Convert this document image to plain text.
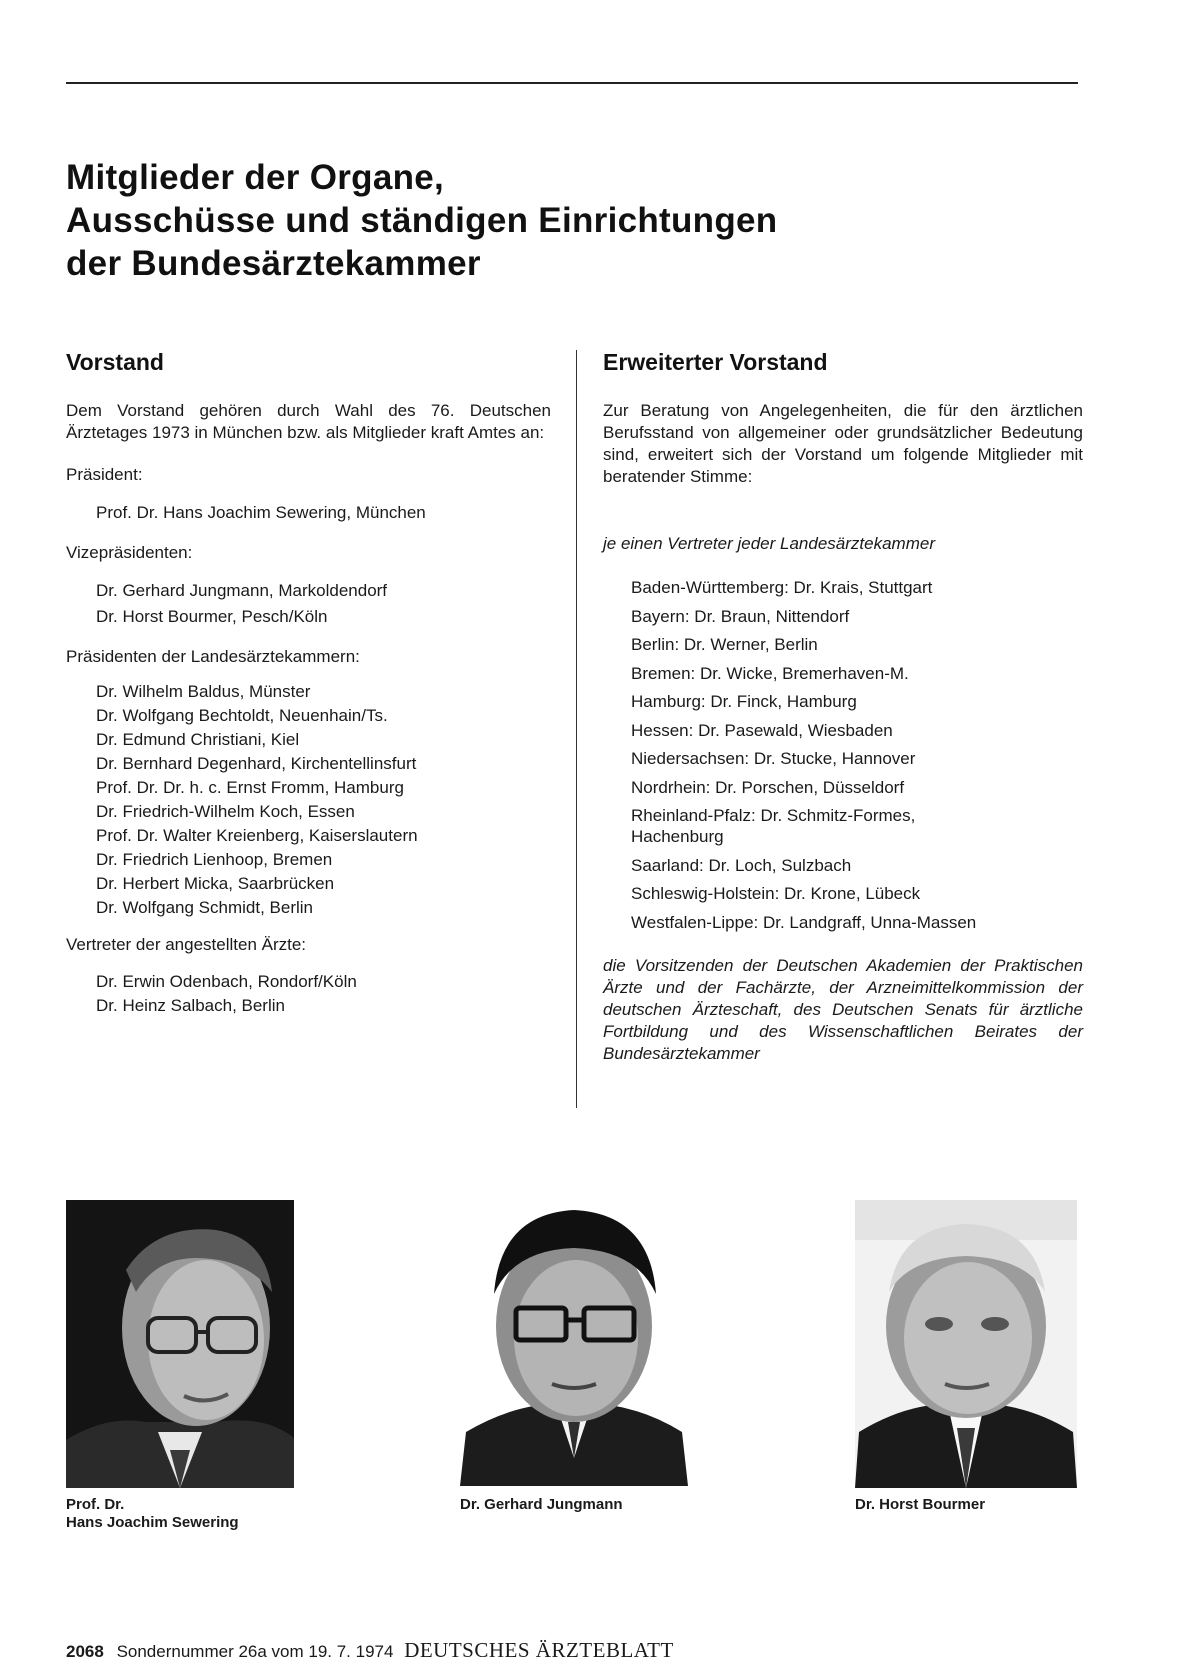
Mitglieder der Organe,
Ausschüsse und ständigen Einrichtungen
der Bundesärztekammer
Vorstand

Dem Vorstand gehören durch Wahl des 76. Deutschen Ärztetages 1973 in München bzw. als Mitglieder kraft Amtes an:

Präsident:

Prof. Dr. Hans Joachim Sewering, München

Vizepräsidenten:

Dr. Gerhard Jungmann, Markoldendorf
Dr. Horst Bourmer, Pesch/Köln

Präsidenten der Landesärztekammern:

Dr. Wilhelm Baldus, Münster
Dr. Wolfgang Bechtoldt, Neuenhain/Ts.
Dr. Edmund Christiani, Kiel
Dr. Bernhard Degenhard, Kirchentellinsfurt
Prof. Dr. Dr. h. c. Ernst Fromm, Hamburg
Dr. Friedrich-Wilhelm Koch, Essen
Prof. Dr. Walter Kreienberg, Kaiserslautern
Dr. Friedrich Lienhoop, Bremen
Dr. Herbert Micka, Saarbrücken
Dr. Wolfgang Schmidt, Berlin

Vertreter der angestellten Ärzte:

Dr. Erwin Odenbach, Rondorf/Köln
Dr. Heinz Salbach, Berlin
Erweiterter Vorstand

Zur Beratung von Angelegenheiten, die für den ärztlichen Berufsstand von allgemeiner oder grundsätzlicher Bedeutung sind, erweitert sich der Vorstand um folgende Mitglieder mit beratender Stimme:

je einen Vertreter jeder Landesärztekammer

Baden-Württemberg: Dr. Krais, Stuttgart
Bayern: Dr. Braun, Nittendorf
Berlin: Dr. Werner, Berlin
Bremen: Dr. Wicke, Bremerhaven-M.
Hamburg: Dr. Finck, Hamburg
Hessen: Dr. Pasewald, Wiesbaden
Niedersachsen: Dr. Stucke, Hannover
Nordrhein: Dr. Porschen, Düsseldorf
Rheinland-Pfalz: Dr. Schmitz-Formes, Hachenburg
Saarland: Dr. Loch, Sulzbach
Schleswig-Holstein: Dr. Krone, Lübeck
Westfalen-Lippe: Dr. Landgraff, Unna-Massen

die Vorsitzenden der Deutschen Akademien der Praktischen Ärzte und der Fachärzte, der Arzneimittelkommission der deutschen Ärzteschaft, des Deutschen Senats für ärztliche Fortbildung und des Wissenschaftlichen Beirates der Bundesärztekammer

Prof. Dr.
Hans Joachim Sewering

Dr. Gerhard Jungmann	Dr. Horst Bourmer

2068 Sondernummer 26a vom 19. 7. 1974 DEUTSCHES ÄRZTEBLATT
